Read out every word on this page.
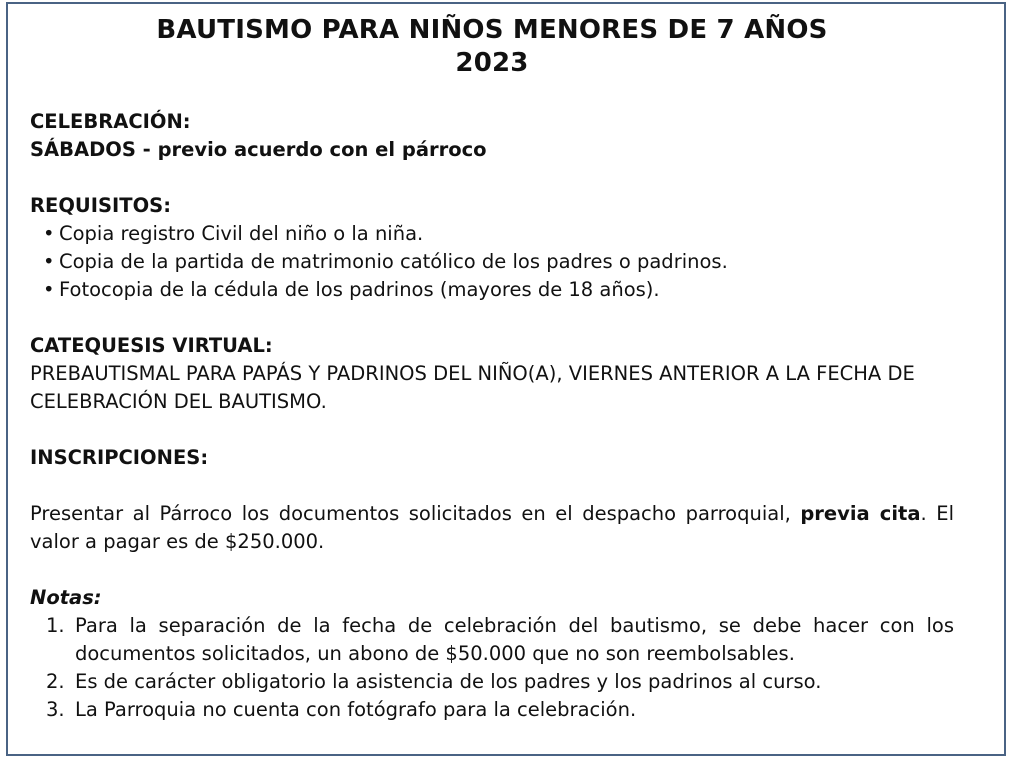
BAUTISMO PARA NIÑOS MENORES DE 7 AÑOS
2023

CELEBRACIÓN:

SÁBADOS - previo acuerdo con el párroco

REQUISITOS:

• Copia registro Civil del niño o la niña.
• Copia de la partida de matrimonio católico de los padres o padrinos.
• Fotocopia de la cédula de los padrinos (mayores de 18 años).

CATEQUESIS VIRTUAL:

PREBAUTISMAL PARA PAPÁS Y PADRINOS DEL NIÑO(A), VIERNES ANTERIOR A LA FECHA DE CELEBRACIÓN DEL BAUTISMO.

INSCRIPCIONES:

Presentar al Párroco los documentos solicitados en el despacho parroquial, previa cita. El valor a pagar es de $250.000.

Notas:

1. Para la separación de la fecha de celebración del bautismo, se debe hacer con los documentos solicitados, un abono de $50.000 que no son reembolsables.
2. Es de carácter obligatorio la asistencia de los padres y los padrinos al curso.
3. La Parroquia no cuenta con fotógrafo para la celebración.
